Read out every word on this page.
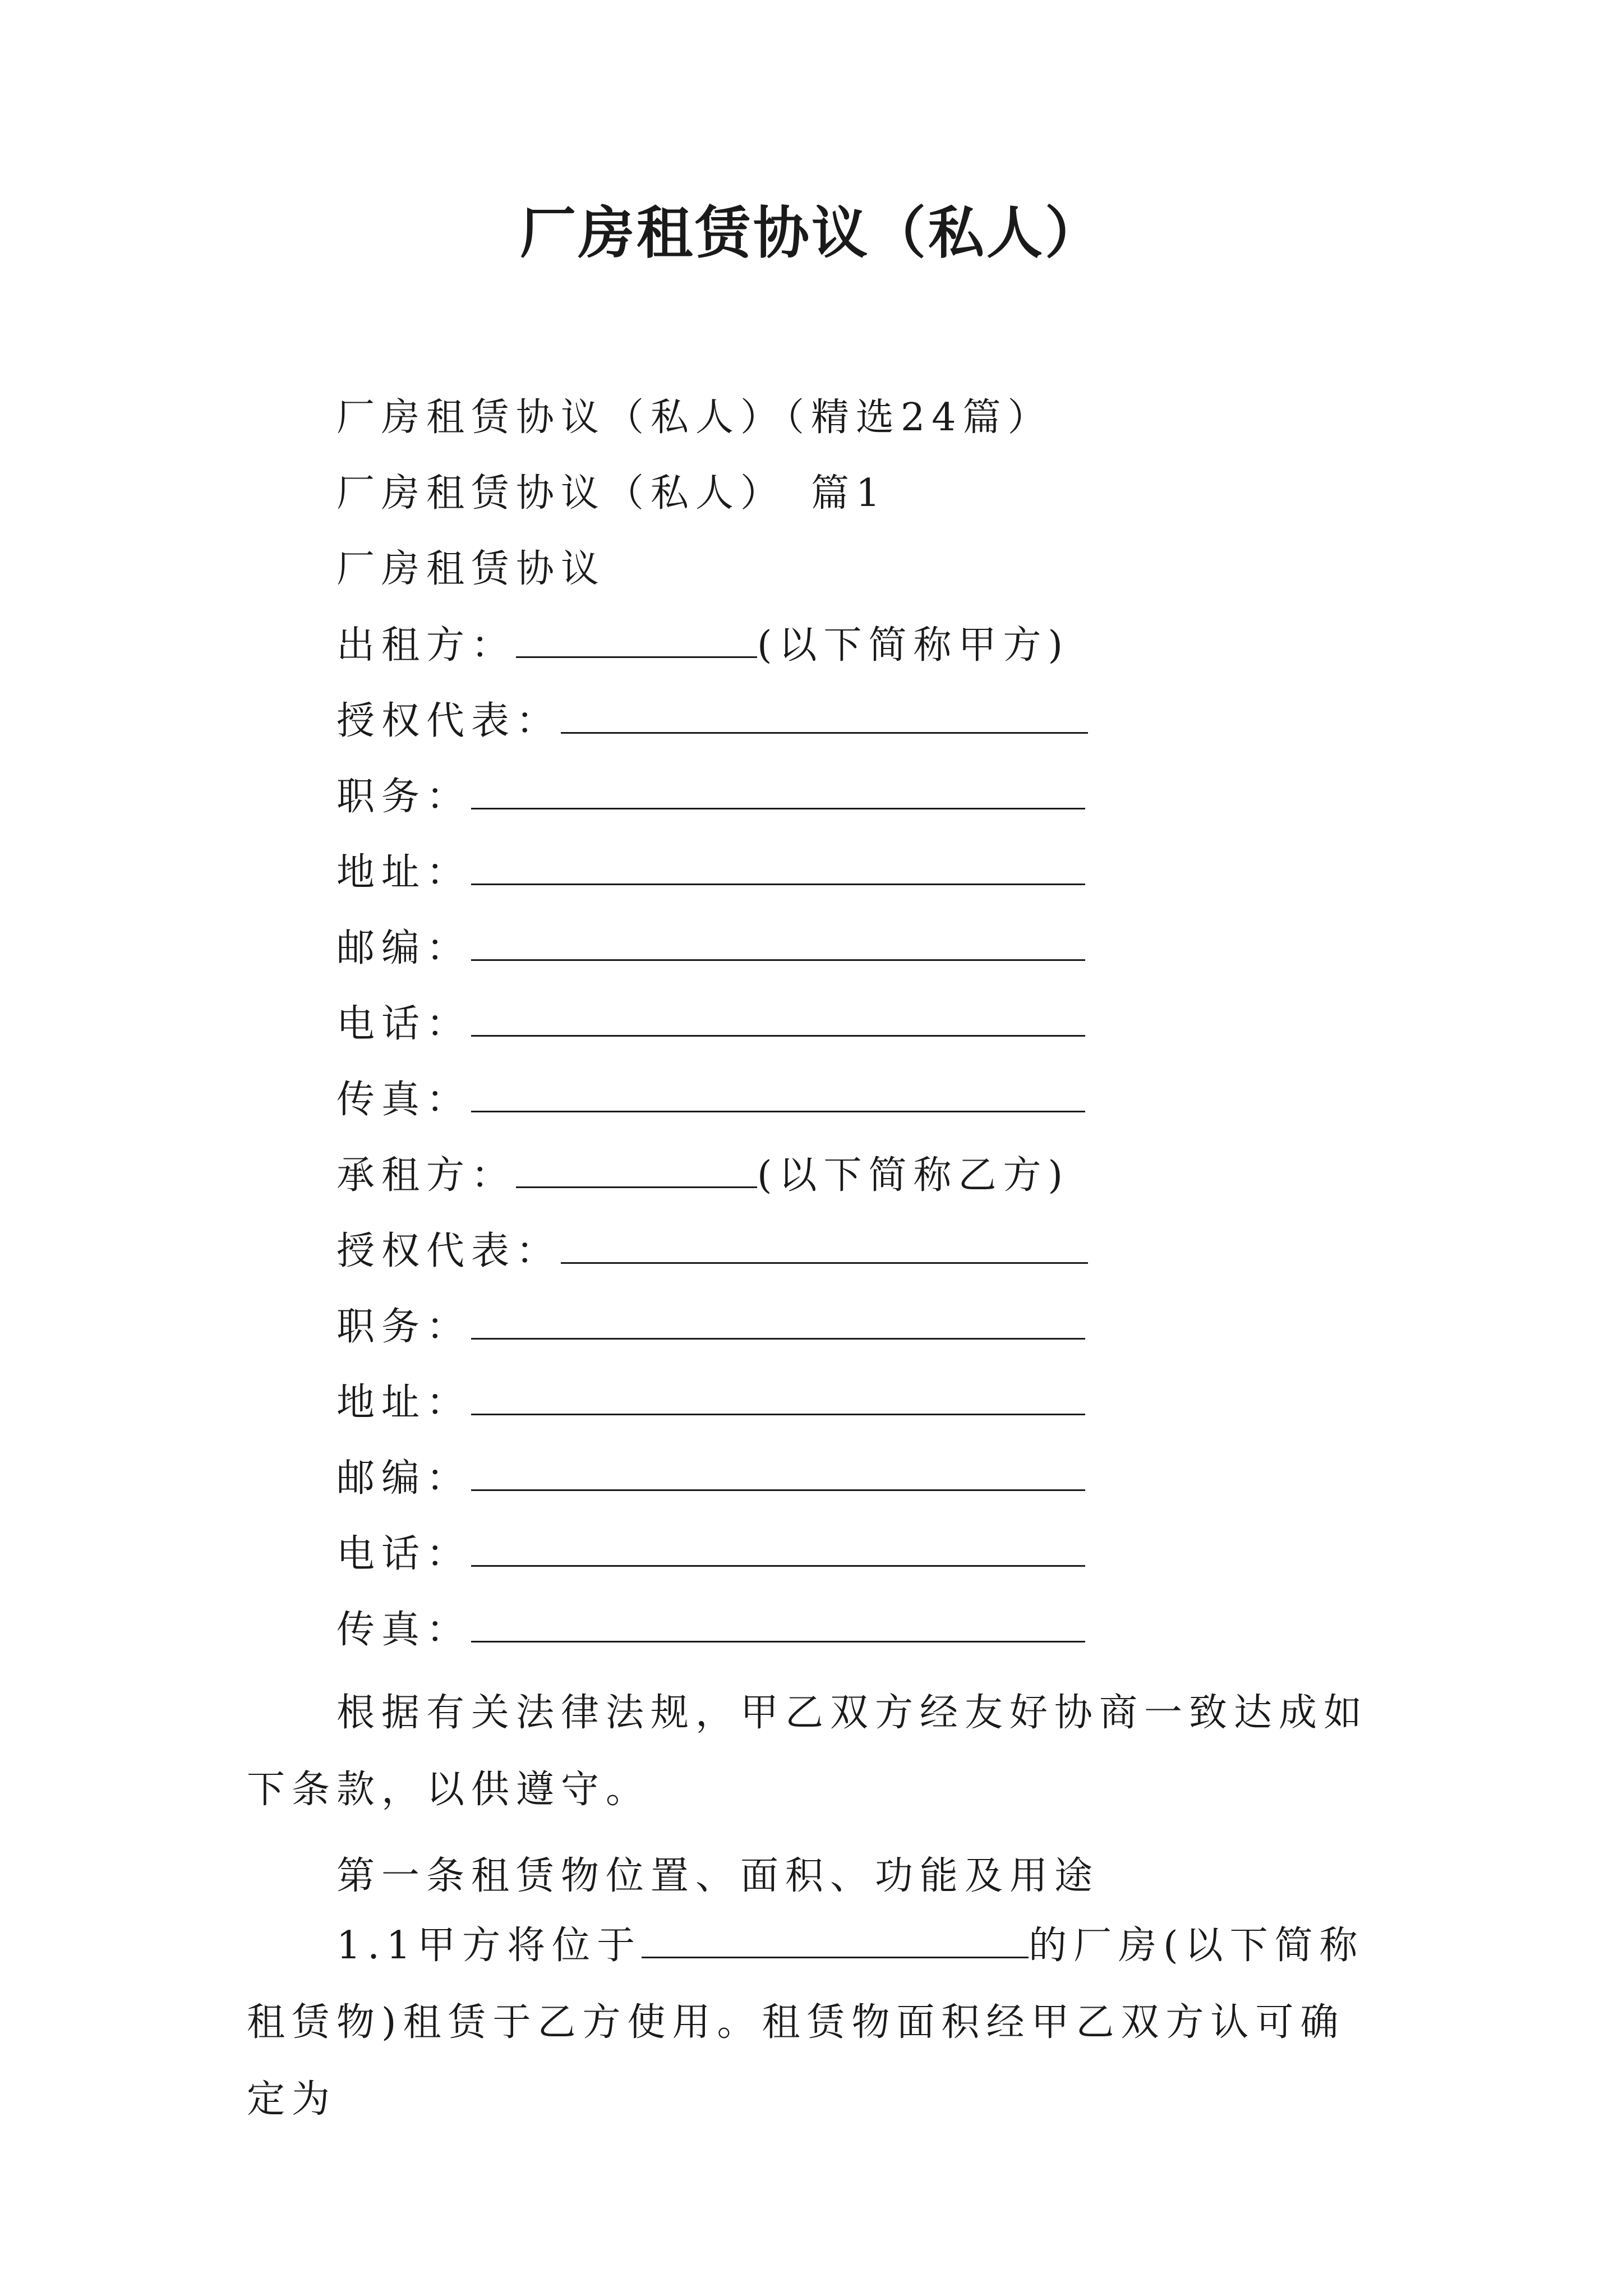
厂房租赁协议（私人）
厂房租赁协议（私人）（精选24篇）
厂房租赁协议（私人）　篇1
厂房租赁协议
出租方：	(以下简称甲方)
授权代表：
职务：
地址：
邮编：
电话：
传真：
承租方：	(以下简称乙方)
授权代表：
职务：
地址：
邮编：
电话：
传真：
根据有关法律法规，甲乙双方经友好协商一致达成如下条款，以供遵守。
第一条租赁物位置、面积、功能及用途
1.1甲方将位于	的厂房(以下简称租赁物)租赁于乙方使用。租赁物面积经甲乙双方认可确定为
